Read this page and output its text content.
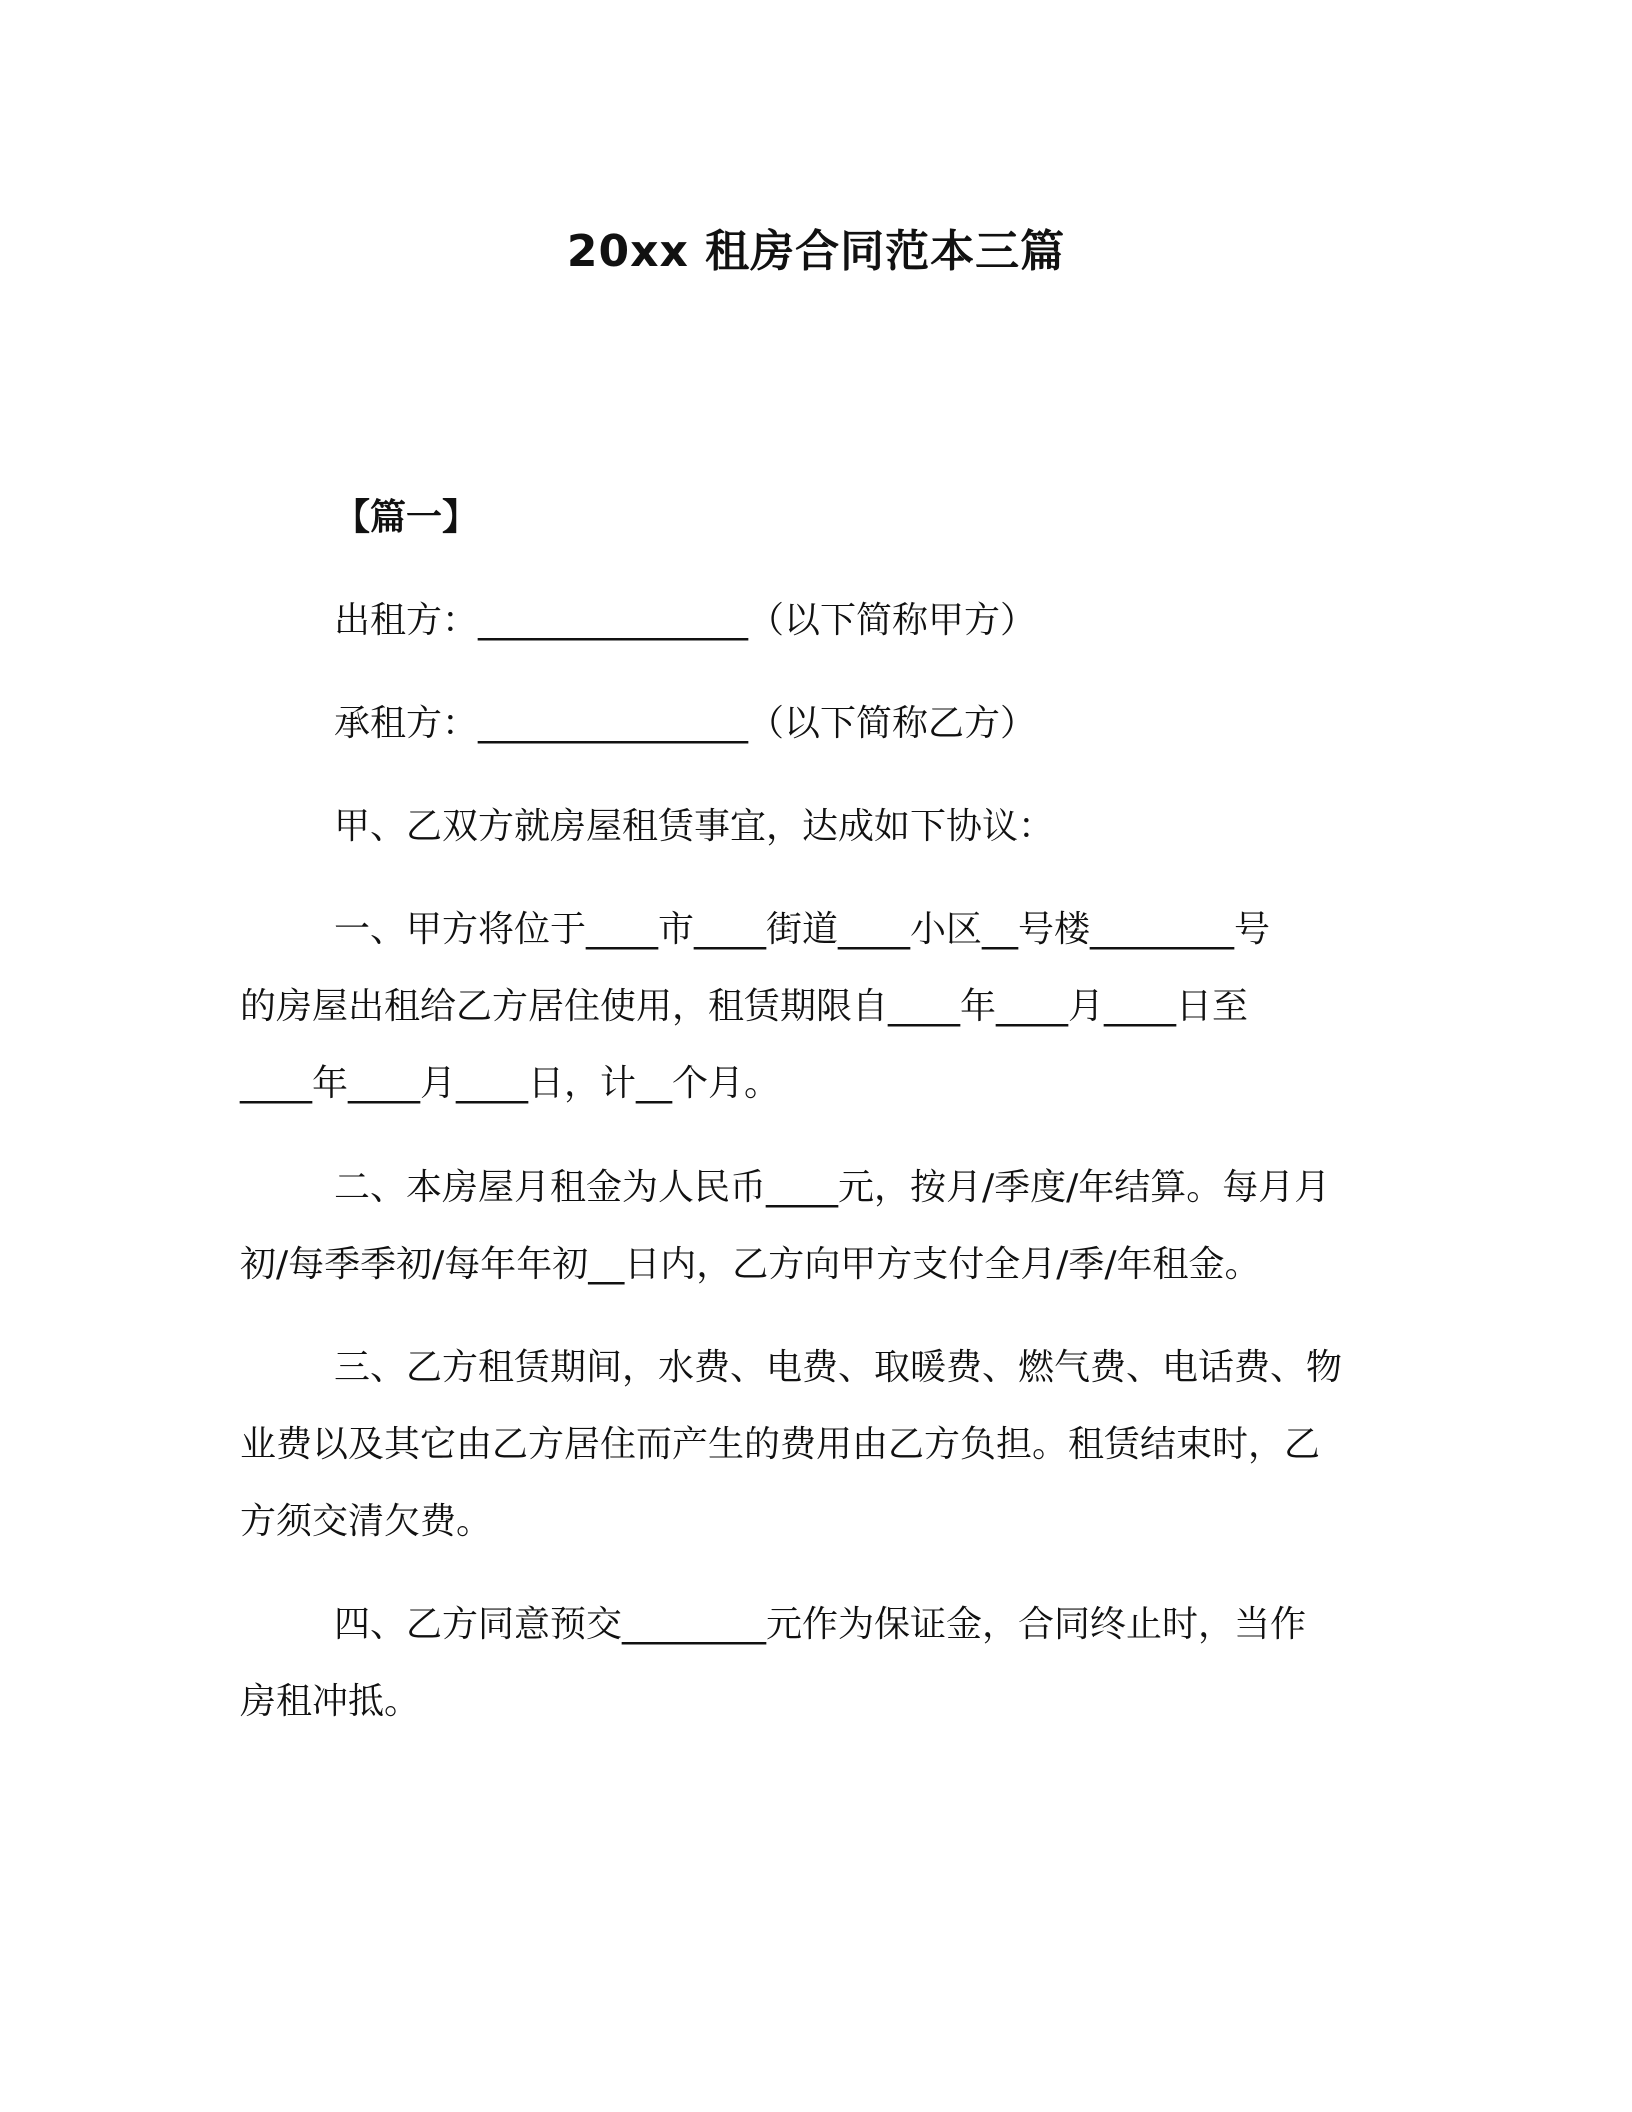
20xx 租房合同范本三篇
【篇一】
出租方：_______________（以下简称甲方）
承租方：_______________（以下简称乙方）
甲、乙双方就房屋租赁事宜，达成如下协议：
一、甲方将位于____市____街道____小区__号楼________号
的房屋出租给乙方居住使用，租赁期限自____年____月____日至
____年____月____日，计__个月。
二、本房屋月租金为人民币____元，按月/季度/年结算。每月月
初/每季季初/每年年初__日内，乙方向甲方支付全月/季/年租金。
三、乙方租赁期间，水费、电费、取暖费、燃气费、电话费、物
业费以及其它由乙方居住而产生的费用由乙方负担。租赁结束时，乙
方须交清欠费。
四、乙方同意预交________元作为保证金，合同终止时，当作
房租冲抵。
